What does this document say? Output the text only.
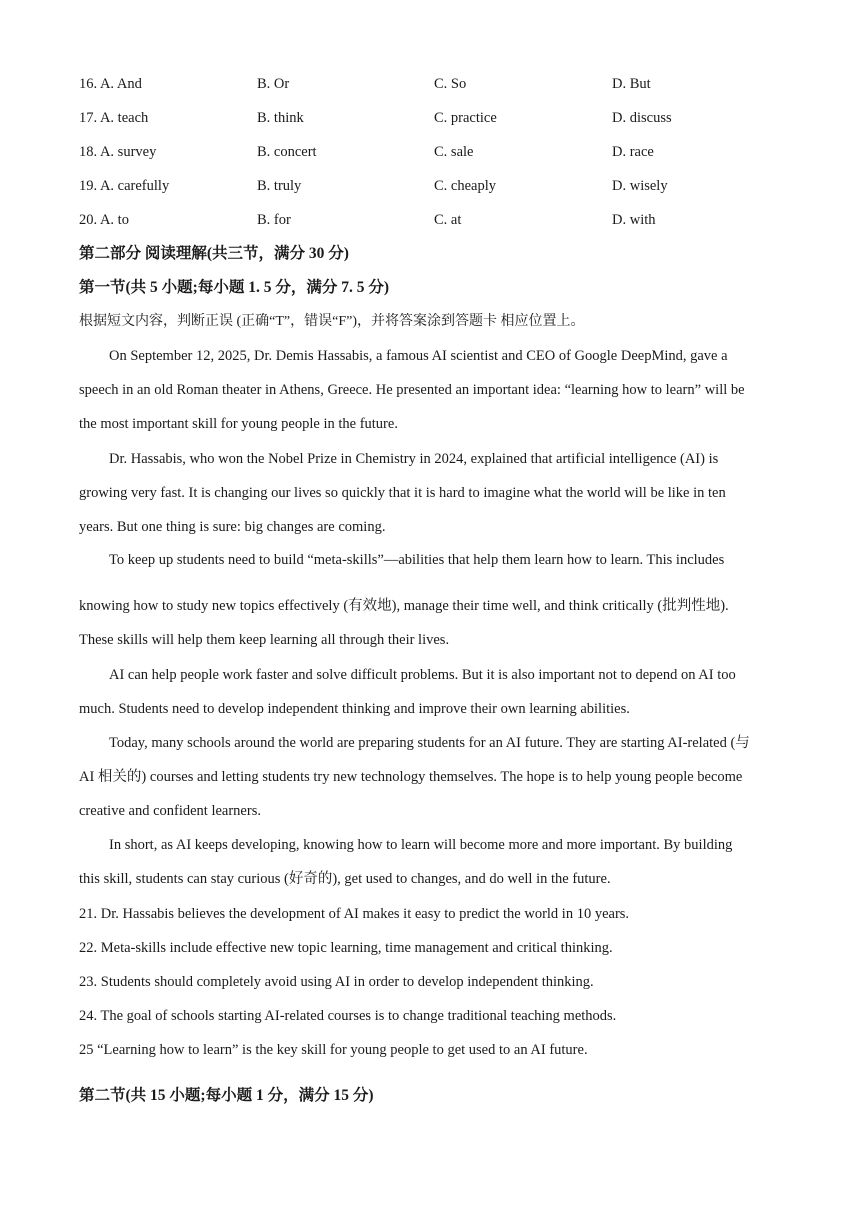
16. A. And	B. Or	C. So	D. But
17. A. teach	B. think	C. practice	D. discuss
18. A. survey	B. concert	C. sale	D. race
19. A. carefully	B. truly	C. cheaply	D. wisely
20. A. to	B. for	C. at	D. with
第二部分 阅读理解(共三节，满分 30 分)
第一节(共 5 小题;每小题 1. 5 分，满分 7. 5 分)
根据短文内容，判断正误 (正确“T”，错误“F”)，并将答案涂到答题卡 相应位置上。
On September 12, 2025, Dr. Demis Hassabis, a famous AI scientist and CEO of Google DeepMind, gave a
speech in an old Roman theater in Athens, Greece. He presented an important idea: “learning how to learn” will be
the most important skill for young people in the future.
Dr. Hassabis, who won the Nobel Prize in Chemistry in 2024, explained that artificial intelligence (AI) is
growing very fast. It is changing our lives so quickly that it is hard to imagine what the world will be like in ten
years. But one thing is sure: big changes are coming.
To keep up students need to build “meta-skills”—abilities that help them learn how to learn. This includes
knowing how to study new topics effectively (有效地), manage their time well, and think critically (批判性地).
These skills will help them keep learning all through their lives.
AI can help people work faster and solve difficult problems. But it is also important not to depend on AI too
much. Students need to develop independent thinking and improve their own learning abilities.
Today, many schools around the world are preparing students for an AI future. They are starting AI-related (与
AI 相关的) courses and letting students try new technology themselves. The hope is to help young people become
creative and confident learners.
In short, as AI keeps developing, knowing how to learn will become more and more important. By building
this skill, students can stay curious (好奇的), get used to changes, and do well in the future.
21. Dr. Hassabis believes the development of AI makes it easy to predict the world in 10 years.
22. Meta-skills include effective new topic learning, time management and critical thinking.
23. Students should completely avoid using AI in order to develop independent thinking.
24. The goal of schools starting AI-related courses is to change traditional teaching methods.
25 “Learning how to learn” is the key skill for young people to get used to an AI future.
第二节(共 15 小题;每小题 1 分，满分 15 分)
